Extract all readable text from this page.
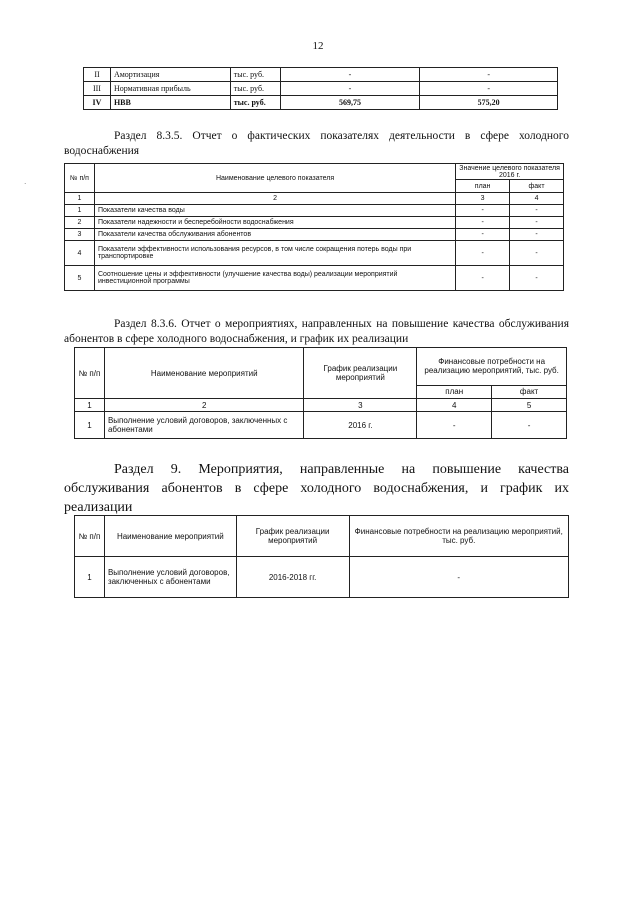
12
·
II	Амортизация	тыс. руб.	-	-
III	Нормативная прибыль	тыс. руб.	-	-
IV	НВВ	тыс. руб.	569,75	575,20
Раздел 8.3.5. Отчет о фактических показателях деятельности в сфере холодного водоснабжения
№ п/п	Наименование целевого показателя	Значение целевого показателя 2016 г.	
		план	факт
1	2	3	4
1	Показатели качества воды	-	-
2	Показатели надежности и бесперебойности водоснабжения	-	-
3	Показатели качества обслуживания абонентов	-	-
4	Показатели эффективности использования ресурсов, в том числе сокращения потерь воды при транспортировке	-	-
5	Соотношение цены и эффективности (улучшение качества воды) реализации мероприятий инвестиционной программы	-	-
Раздел 8.3.6. Отчет о мероприятиях, направленных на повышение качества обслуживания абонентов в сфере холодного водоснабжения, и график их реализации
№ п/п	Наименование мероприятий	График реализации мероприятий	Финансовые потребности на реализацию мероприятий, тыс. руб.	
			план	факт
1	2	3	4	5
1	Выполнение условий договоров, заключенных с абонентами	2016 г.	-	-
Раздел 9. Мероприятия, направленные на повышение качества обслуживания абонентов в сфере холодного водоснабжения, и график их реализации
№ п/п	Наименование мероприятий	График реализации мероприятий	Финансовые потребности на реализацию мероприятий, тыс. руб.
1	Выполнение условий договоров, заключенных с абонентами	2016-2018 гг.	-
